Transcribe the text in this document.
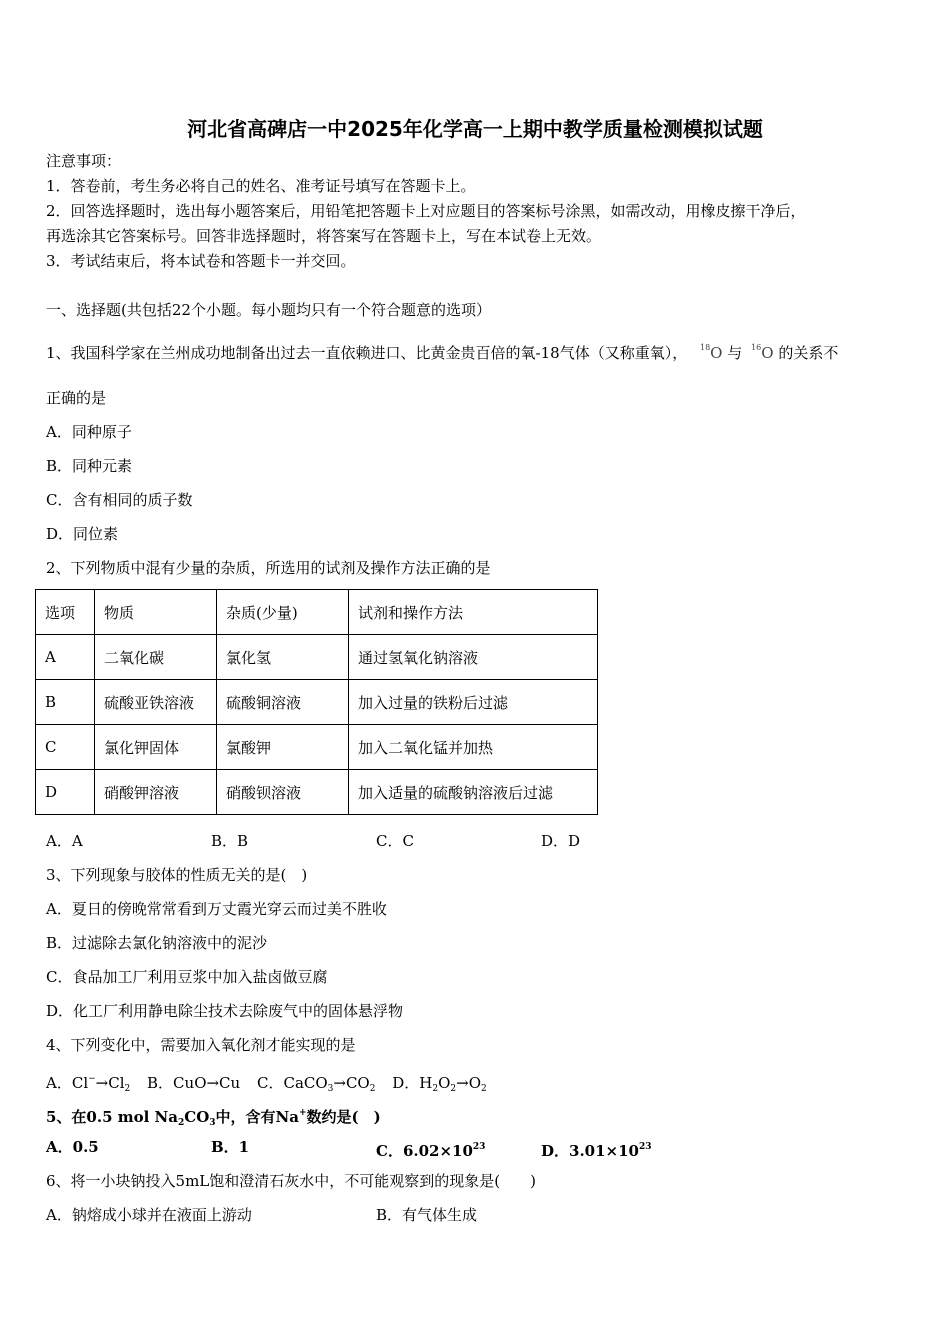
河北省高碑店一中2025年化学高一上期中教学质量检测模拟试题
注意事项：
1．答卷前，考生务必将自己的姓名、准考证号填写在答题卡上。
2．回答选择题时，选出每小题答案后，用铅笔把答题卡上对应题目的答案标号涂黑，如需改动，用橡皮擦干净后，
再选涂其它答案标号。回答非选择题时，将答案写在答题卡上，写在本试卷上无效。
3．考试结束后，将本试卷和答题卡一并交回。
一、选择题(共包括22个小题。每小题均只有一个符合题意的选项）
1、我国科学家在兰州成功地制备出过去一直依赖进口、比黄金贵百倍的氧-18气体（又称重氧）， $^{18}$O 与 $^{16}$O 的关系不
正确的是
A．同种原子
B．同种元素
C．含有相同的质子数
D．同位素
2、下列物质中混有少量的杂质，所选用的试剂及操作方法正确的是
选项	物质	杂质(少量)	试剂和操作方法
A	二氧化碳	氯化氢	通过氢氧化钠溶液
B	硫酸亚铁溶液	硫酸铜溶液	加入过量的铁粉后过滤
C	氯化钾固体	氯酸钾	加入二氧化锰并加热
D	硝酸钾溶液	硝酸钡溶液	加入适量的硫酸钠溶液后过滤
A．A	B．B	C．C	D．D
3、下列现象与胶体的性质无关的是(　)
A．夏日的傍晚常常看到万丈霞光穿云而过美不胜收
B．过滤除去氯化钠溶液中的泥沙
C．食品加工厂利用豆浆中加入盐卤做豆腐
D．化工厂利用静电除尘技术去除废气中的固体悬浮物
4、下列变化中，需要加入氧化剂才能实现的是
A．$Cl^-\to Cl_2$ B．CuO→Cu C．$CaCO_3\to CO_2$ D．$H_2O_2\to O_2$
5、在0.5 mol $Na_2CO_3$中，含有Na+数约是(　)
A．0.5	B．1	C．$6.02\times 10^{23}$	D．$3.01\times 10^{23}$
6、将一小块钠投入5mL饱和澄清石灰水中，不可能观察到的现象是(　　)
A．钠熔成小球并在液面上游动	B．有气体生成
